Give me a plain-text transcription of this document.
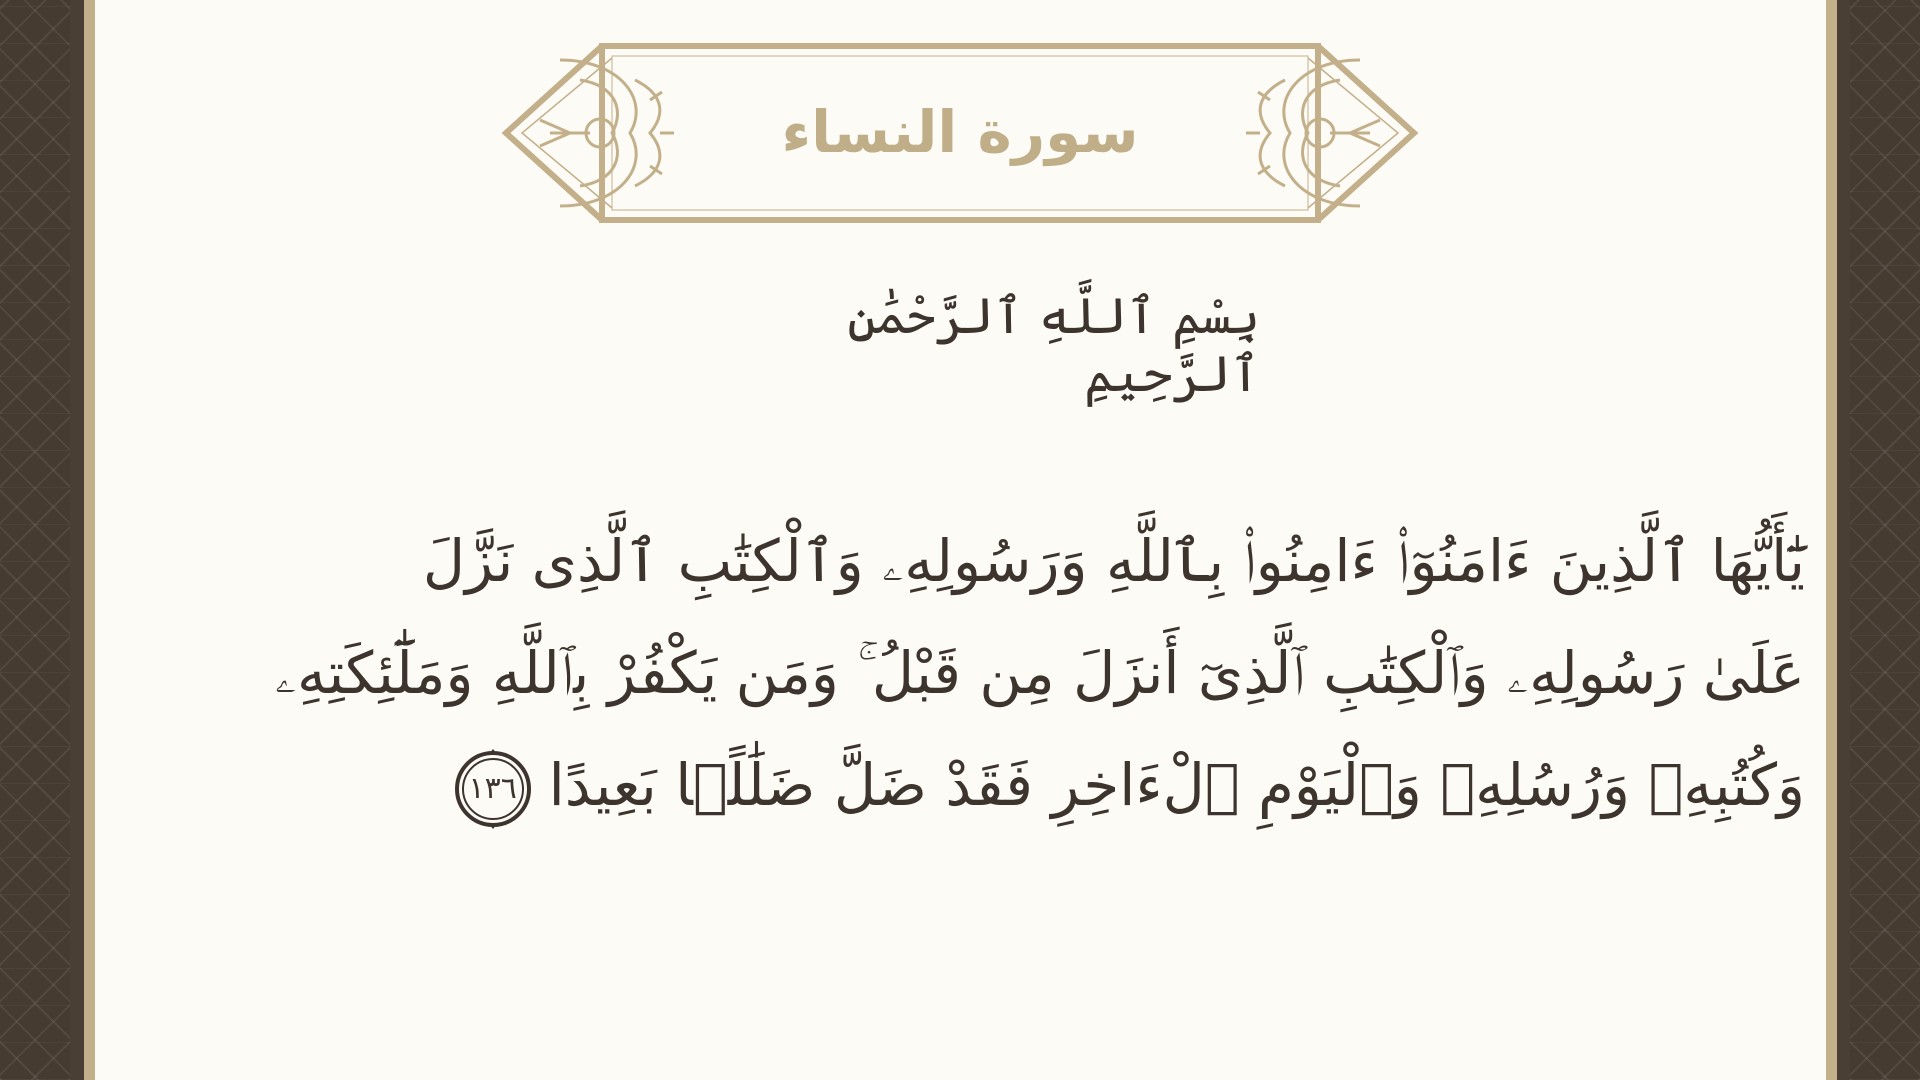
سورة النساء
بِسْمِ ٱللَّهِ ٱلرَّحْمَٰنِ ٱلرَّحِيمِ
يَٰٓأَيُّهَا ٱلَّذِينَ ءَامَنُوٓا۟ ءَامِنُوا۟ بِٱللَّهِ وَرَسُولِهِۦ وَٱلْكِتَٰبِ ٱلَّذِى نَزَّلَ
عَلَىٰ رَسُولِهِۦ وَٱلْكِتَٰبِ ٱلَّذِىٓ أَنزَلَ مِن قَبْلُ ۚ وَمَن يَكْفُرْ بِٱللَّهِ وَمَلَٰٓئِكَتِهِۦ
وَكُتُبِهِۦ وَرُسُلِهِۦ وَٱلْيَوْمِ ٱلْءَاخِرِ فَقَدْ ضَلَّ ضَلَٰلًۢا بَعِيدًا
١٣٦
